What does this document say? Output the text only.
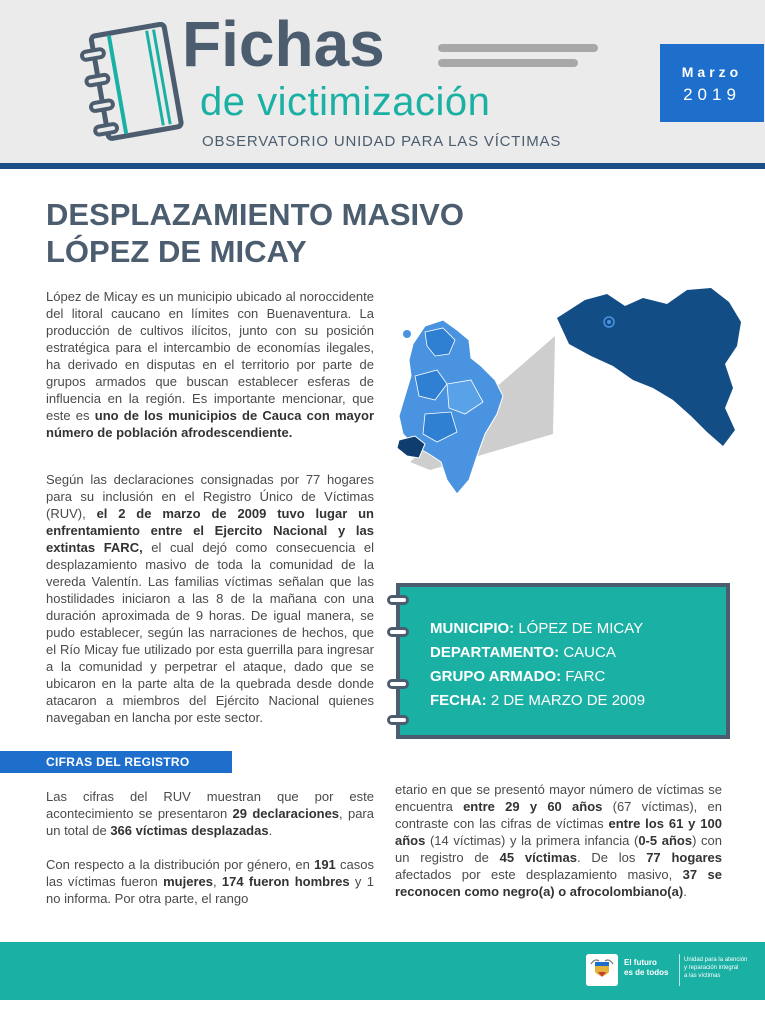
Fichas
de victimización
OBSERVATORIO UNIDAD PARA LAS VÍCTIMAS
Marzo
2019
DESPLAZAMIENTO MASIVO
LÓPEZ DE MICAY

López de Micay es un municipio ubicado al noroccidente del litoral caucano en límites con Buenaventura. La producción de cultivos ilícitos, junto con su posición estratégica para el intercambio de economías ilegales, ha derivado en disputas en el territorio por parte de grupos armados que buscan establecer esferas de influencia en la región. Es importante mencionar, que este es uno de los municipios de Cauca con mayor número de población afrodescendiente.

Según las declaraciones consignadas por 77 hogares para su inclusión en el Registro Único de Víctimas (RUV), el 2 de marzo de 2009 tuvo lugar un enfrentamiento entre el Ejercito Nacional y las extintas FARC, el cual dejó como consecuencia el desplazamiento masivo de toda la comunidad de la vereda Valentín. Las familias víctimas señalan que las hostilidades iniciaron a las 8 de la mañana con una duración aproximada de 9 horas. De igual manera, se pudo establecer, según las narraciones de hechos, que el Río Micay fue utilizado por esta guerrilla para ingresar a la comunidad y perpetrar el ataque, dado que se ubicaron en la parte alta de la quebrada desde donde atacaron a miembros del Ejército Nacional quienes navegaban en lancha por este sector.

MUNICIPIO: LÓPEZ DE MICAY
DEPARTAMENTO: CAUCA
GRUPO ARMADO: FARC
FECHA: 2 DE MARZO DE 2009
CIFRAS DEL REGISTRO

Las cifras del RUV muestran que por este acontecimiento se presentaron 29 declaraciones, para un total de 366 víctimas desplazadas.

Con respecto a la distribución por género, en 191 casos las víctimas fueron mujeres, 174 fueron hombres y 1 no informa. Por otra parte, el rango

etario en que se presentó mayor número de víctimas se encuentra entre 29 y 60 años (67 víctimas), en contraste con las cifras de víctimas entre los 61 y 100 años (14 víctimas) y la primera infancia (0-5 años) con un registro de 45 víctimas. De los 77 hogares afectados por este desplazamiento masivo, 37 se reconocen como negro(a) o afrocolombiano(a).

El futuro
es de todos
Unidad para la atención
y reparación integral
a las víctimas
